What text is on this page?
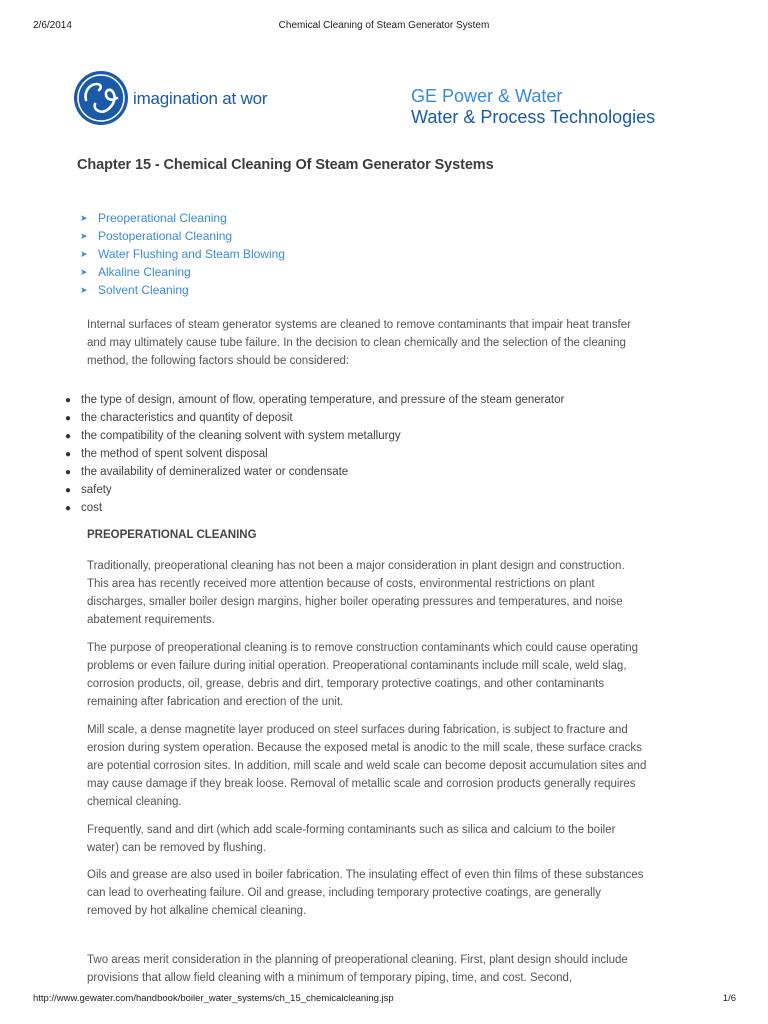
2/6/2014	Chemical Cleaning of Steam Generator System
imagination at wor	GE Power & Water
Water & Process Technologies
Chapter 15 - Chemical Cleaning Of Steam Generator Systems
➤ Preoperational Cleaning
➤ Postoperational Cleaning
➤ Water Flushing and Steam Blowing
➤ Alkaline Cleaning
➤ Solvent Cleaning

Internal surfaces of steam generator systems are cleaned to remove contaminants that impair heat transfer and may ultimately cause tube failure. In the decision to clean chemically and the selection of the cleaning method, the following factors should be considered:

● the type of design, amount of flow, operating temperature, and pressure of the steam generator
● the characteristics and quantity of deposit
● the compatibility of the cleaning solvent with system metallurgy
● the method of spent solvent disposal
● the availability of demineralized water or condensate
● safety
● cost
PREOPERATIONAL CLEANING

Traditionally, preoperational cleaning has not been a major consideration in plant design and construction. This area has recently received more attention because of costs, environmental restrictions on plant discharges, smaller boiler design margins, higher boiler operating pressures and temperatures, and noise abatement requirements.

The purpose of preoperational cleaning is to remove construction contaminants which could cause operating problems or even failure during initial operation. Preoperational contaminants include mill scale, weld slag, corrosion products, oil, grease, debris and dirt, temporary protective coatings, and other contaminants remaining after fabrication and erection of the unit.

Mill scale, a dense magnetite layer produced on steel surfaces during fabrication, is subject to fracture and erosion during system operation. Because the exposed metal is anodic to the mill scale, these surface cracks are potential corrosion sites. In addition, mill scale and weld scale can become deposit accumulation sites and may cause damage if they break loose. Removal of metallic scale and corrosion products generally requires chemical cleaning.

Frequently, sand and dirt (which add scale-forming contaminants such as silica and calcium to the boiler water) can be removed by flushing.

Oils and grease are also used in boiler fabrication. The insulating effect of even thin films of these substances can lead to overheating failure. Oil and grease, including temporary protective coatings, are generally removed by hot alkaline chemical cleaning.

Two areas merit consideration in the planning of preoperational cleaning. First, plant design should include provisions that allow field cleaning with a minimum of temporary piping, time, and cost. Second,

http://www.gewater.com/handbook/boiler_water_systems/ch_15_chemicalcleaning.jsp	1/6
